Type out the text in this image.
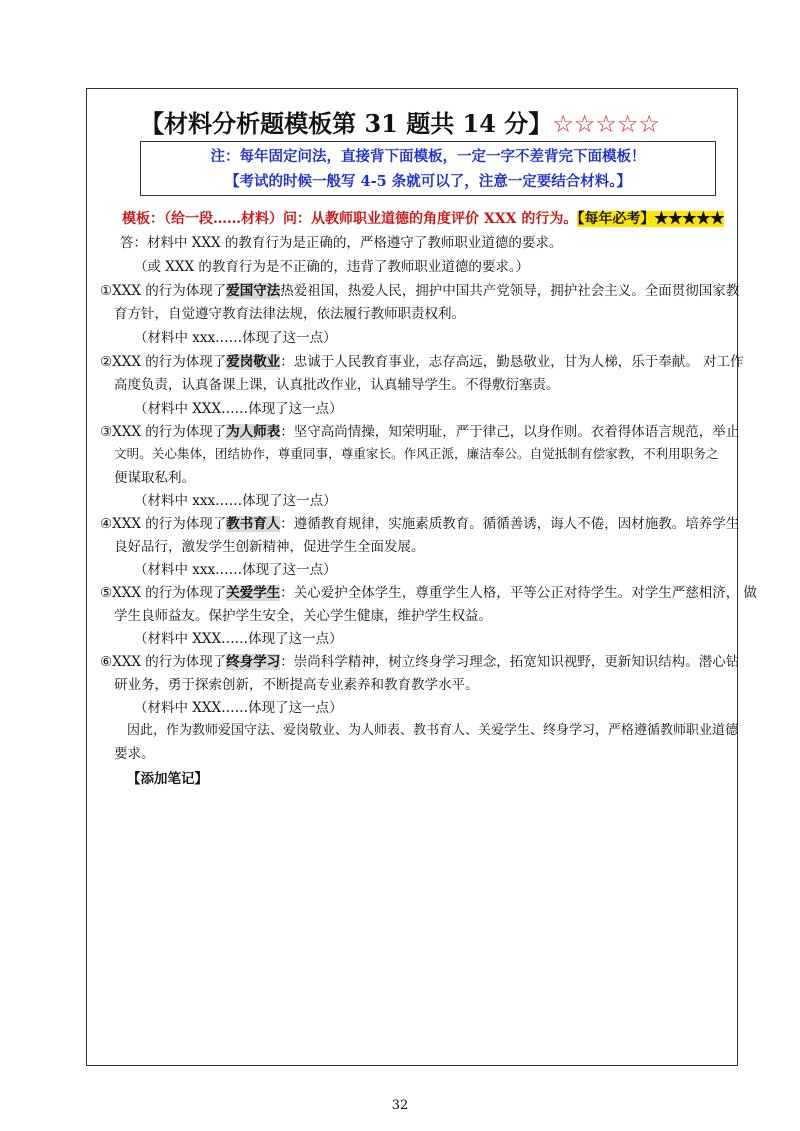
【材料分析题模板第 31 题共 14 分】☆☆☆☆☆
注：每年固定问法，直接背下面模板，一定一字不差背完下面模板！
【考试的时候一般写 4-5 条就可以了，注意一定要结合材料。】
模板：（给一段……材料）问：从教师职业道德的角度评价 XXX 的行为。【每年必考】★★★★★
答：材料中 XXX 的教育行为是正确的，严格遵守了教师职业道德的要求。
（或 XXX 的教育行为是不正确的，违背了教师职业道德的要求。）
①XXX 的行为体现了爱国守法热爱祖国，热爱人民，拥护中国共产党领导，拥护社会主义。全面贯彻国家教
育方针，自觉遵守教育法律法规，依法履行教师职责权利。
（材料中 xxx……体现了这一点）
②XXX 的行为体现了爱岗敬业：忠诚于人民教育事业，志存高远，勤恳敬业，甘为人梯，乐于奉献。 对工作
高度负责，认真备课上课，认真批改作业，认真辅导学生。不得敷衍塞责。
（材料中 XXX……体现了这一点）
③XXX 的行为体现了为人师表：坚守高尚情操，知荣明耻，严于律己，以身作则。衣着得体语言规范，举止
文明。关心集体，团结协作，尊重同事，尊重家长。作风正派，廉洁奉公。自觉抵制有偿家教，不利用职务之
便谋取私利。
（材料中 xxx……体现了这一点）
④XXX 的行为体现了教书育人：遵循教育规律，实施素质教育。循循善诱，诲人不倦，因材施教。培养学生
良好品行，激发学生创新精神，促进学生全面发展。
（材料中 xxx……体现了这一点）
⑤XXX 的行为体现了关爱学生：关心爱护全体学生，尊重学生人格，平等公正对待学生。对学生严慈相济， 做
学生良师益友。保护学生安全，关心学生健康，维护学生权益。
（材料中 XXX……体现了这一点）
⑥XXX 的行为体现了终身学习：崇尚科学精神，树立终身学习理念，拓宽知识视野，更新知识结构。潜心钻
研业务，勇于探索创新，不断提高专业素养和教育教学水平。
（材料中 XXX……体现了这一点）
因此，作为教师爱国守法、爱岗敬业、为人师表、教书育人、关爱学生、终身学习，严格遵循教师职业道德
要求。
【添加笔记】
32
